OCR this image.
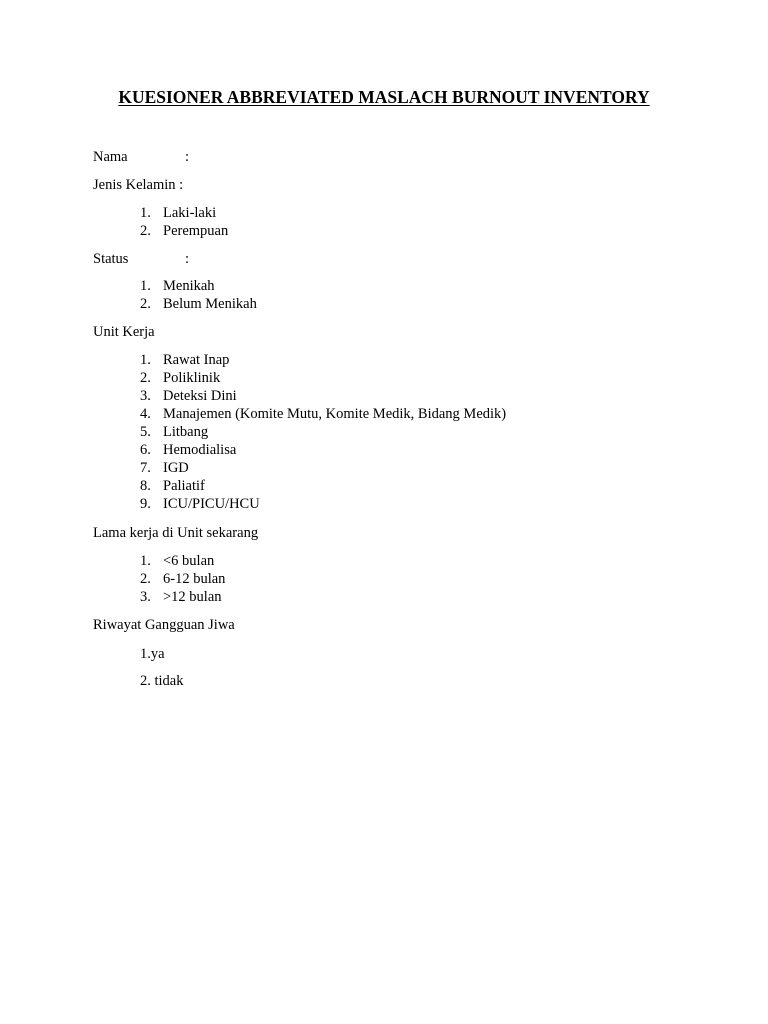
KUESIONER ABBREVIATED MASLACH BURNOUT INVENTORY
Nama	:
Jenis Kelamin :
1. Laki-laki
2. Perempuan
Status	:
1. Menikah
2. Belum Menikah
Unit Kerja
1. Rawat Inap
2. Poliklinik
3. Deteksi Dini
4. Manajemen (Komite Mutu, Komite Medik, Bidang Medik)
5. Litbang
6. Hemodialisa
7. IGD
8. Paliatif
9. ICU/PICU/HCU
Lama kerja di Unit sekarang
1. <6 bulan
2. 6-12 bulan
3. >12 bulan
Riwayat Gangguan Jiwa
1.ya
2. tidak
